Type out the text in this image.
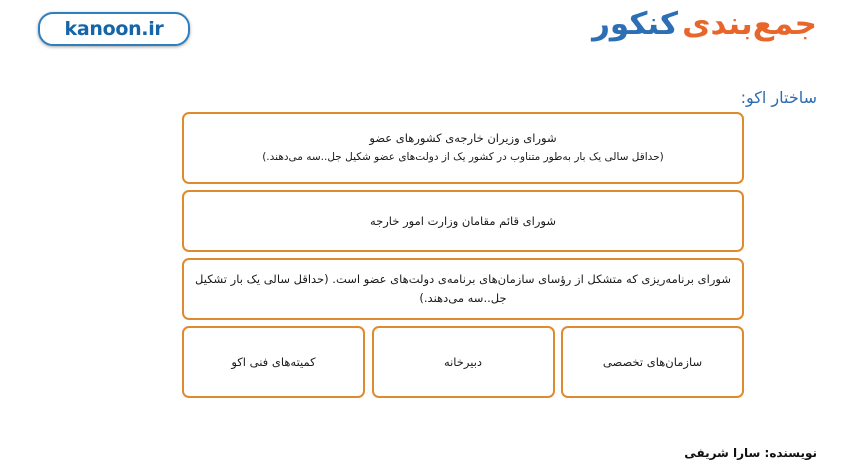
kanoon.ir	جمع‌بندی
کنکور
ساختار اکو:
شورای وزیران خارجه‌ی کشورهای عضو
(حداقل سالی یک بار به‌طور متناوب در کشور یک از دولت‌های عضو شکیل جل..سه می‌دهند.)
شورای قائم مقامان وزارت امور خارجه
شورای برنامه‌ریزی که متشکل از رؤسای سازمان‌های برنامه‌ی دولت‌های عضو است. (حداقل سالی یک بار تشکیل جل..سه می‌دهند.)
کمیته‌های فنی اکو	دبیرخانه	سازمان‌های تخصصی
نویسنده: سارا شریفی
